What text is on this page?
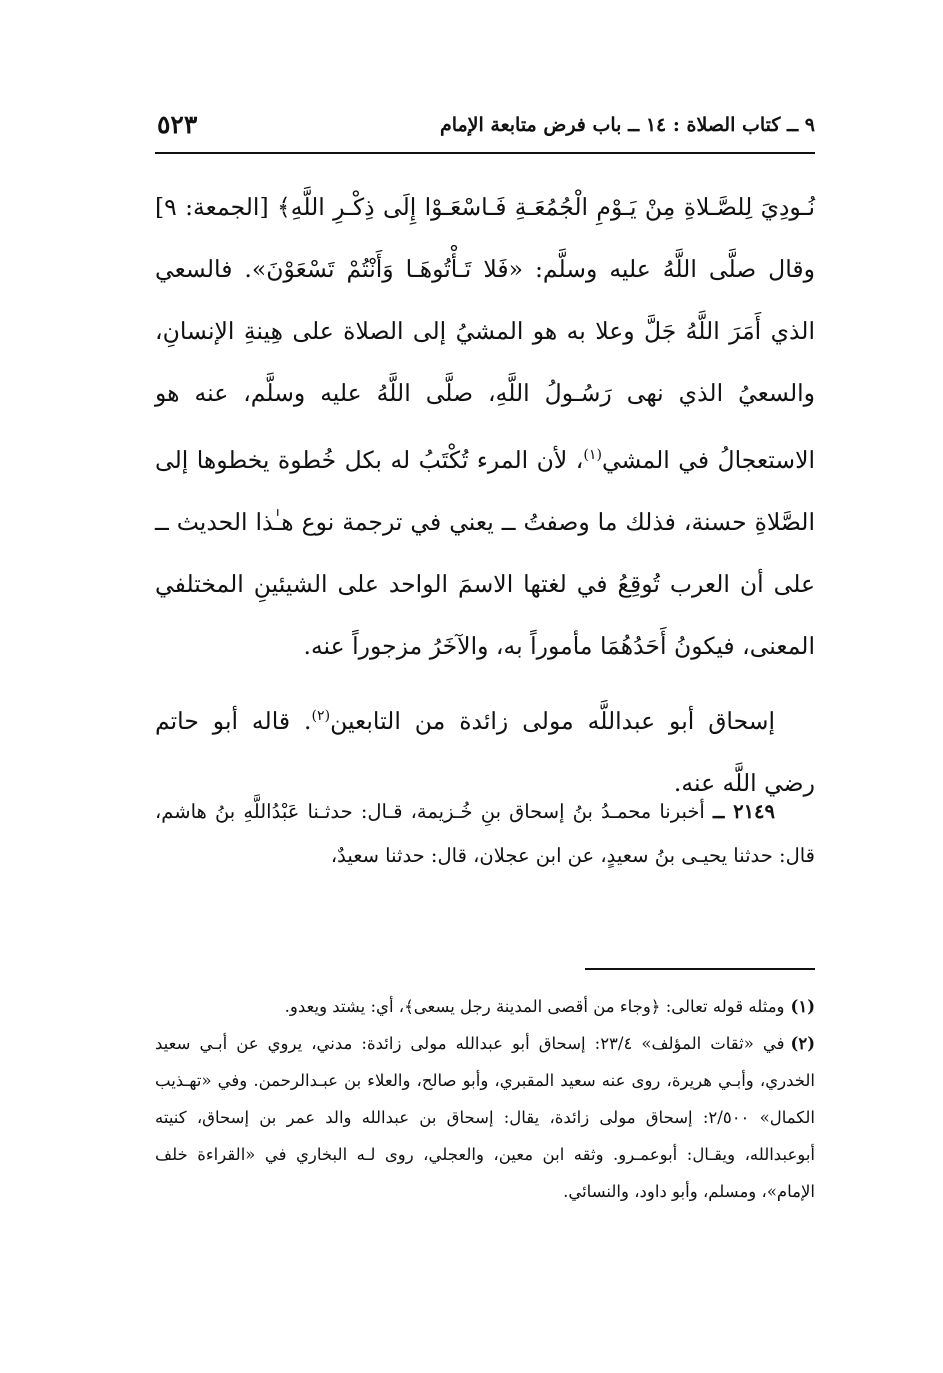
٩ ــ كتاب الصلاة : ١٤ ــ باب فرض متابعة الإمام
٥٢٣

نُـودِيَ لِلصَّـلاةِ مِنْ يَـوْمِ الْجُمُعَـةِ فَـاسْعَـوْا إِلَى ذِكْـرِ اللَّهِ﴾ [الجمعة: ٩] وقال صلَّى اللَّهُ عليه وسلَّم: «فَلا تَـأْتُوهَـا وَأَنْتُمْ تَسْعَوْنَ». فالسعي الذي أَمَرَ اللَّهُ جَلَّ وعلا به هو المشيُ إلى الصلاة على هِينةِ الإنسانِ، والسعيُ الذي نهى رَسُـولُ اللَّهِ، صلَّى اللَّهُ عليه وسلَّم، عنه هو الاستعجالُ في المشي$^{(١)}$، لأن المرء تُكْتَبُ له بكل خُطوة يخطوها إلى الصَّلاةِ حسنة، فذلك ما وصفتُ ــ يعني في ترجمة نوع هـٰذا الحديث ــ على أن العرب تُوقِعُ في لغتها الاسمَ الواحد على الشيئينِ المختلفي المعنى، فيكونُ أَحَدُهُمَا مأموراً به، والآخَرُ مزجوراً عنه.

إسحاق أبو عبداللَّه مولى زائدة من التابعين$^{(٢)}$. قاله أبو حاتم رضي اللَّه عنه.

٢١٤٩ ــ أخبرنا محمـدُ بنُ إسحاق بنِ خُـزيمة، قـال: حدثـنا عَبْدُاللَّهِ بنُ هاشم، قال: حدثنا يحيـى بنُ سعيدٍ، عن ابن عجلان، قال: حدثنا سعيدٌ،

(١)ومثله قوله تعالى: ﴿وجاء من أقصى المدينة رجل يسعى﴾، أي: يشتد ويعدو.

(٢)في «ثقات المؤلف» ٢٣/٤: إسحاق أبو عبدالله مولى زائدة: مدني، يروي عن أبـي سعيد الخدري، وأبـي هريرة، روى عنه سعيد المقبري، وأبو صالح، والعلاء بن عبـدالرحمن. وفي «تهـذيب الكمال» ٢/٥٠٠: إسحاق مولى زائدة، يقال: إسحاق بن عبدالله والد عمر بن إسحاق، كنيته أبوعبدالله، ويقـال: أبوعمـرو. وثقه ابن معين، والعجلي، روى لـه البخاري في «القراءة خلف الإمام»، ومسلم، وأبو داود، والنسائي.
